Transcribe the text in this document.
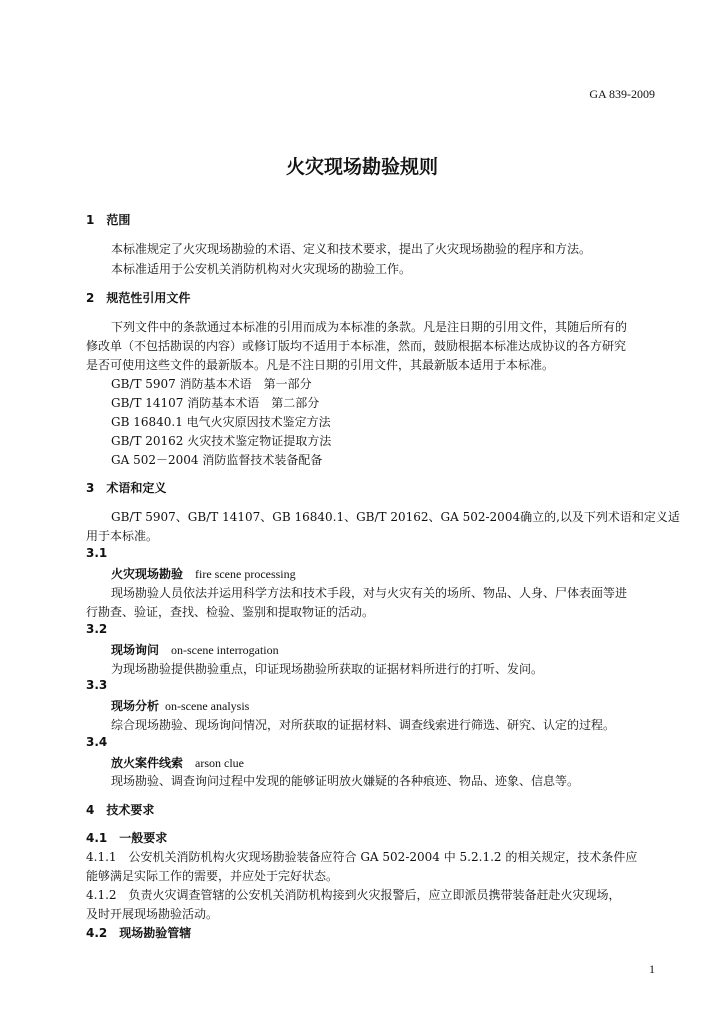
GA 839-2009
火灾现场勘验规则
1　范围
本标准规定了火灾现场勘验的术语、定义和技术要求，提出了火灾现场勘验的程序和方法。
本标准适用于公安机关消防机构对火灾现场的勘验工作。
2　规范性引用文件
下列文件中的条款通过本标准的引用而成为本标准的条款。凡是注日期的引用文件，其随后所有的
修改单（不包括勘误的内容）或修订版均不适用于本标准，然而，鼓励根据本标准达成协议的各方研究
是否可使用这些文件的最新版本。凡是不注日期的引用文件，其最新版本适用于本标准。
GB/T 5907 消防基本术语　第一部分
GB/T 14107 消防基本术语　第二部分
GB 16840.1 电气火灾原因技术鉴定方法
GB/T 20162 火灾技术鉴定物证提取方法
GA 502－2004 消防监督技术装备配备
3　术语和定义
GB/T 5907、GB/T 14107、GB 16840.1、GB/T 20162、GA 502-2004确立的,以及下列术语和定义适
用于本标准。
3.1
火灾现场勘验 fire scene processing
现场勘验人员依法并运用科学方法和技术手段，对与火灾有关的场所、物品、人身、尸体表面等进
行勘查、验证，查找、检验、鉴别和提取物证的活动。
3.2
现场询问 on-scene interrogation
为现场勘验提供勘验重点，印证现场勘验所获取的证据材料所进行的打听、发问。
3.3
现场分析 on-scene analysis
综合现场勘验、现场询问情况，对所获取的证据材料、调查线索进行筛选、研究、认定的过程。
3.4
放火案件线索 arson clue
现场勘验、调查询问过程中发现的能够证明放火嫌疑的各种痕迹、物品、迹象、信息等。
4　技术要求
4.1　一般要求
4.1.1　公安机关消防机构火灾现场勘验装备应符合 GA 502-2004 中 5.2.1.2 的相关规定，技术条件应
能够满足实际工作的需要，并应处于完好状态。
4.1.2　负责火灾调查管辖的公安机关消防机构接到火灾报警后，应立即派员携带装备赶赴火灾现场，
及时开展现场勘验活动。
4.2　现场勘验管辖
1
